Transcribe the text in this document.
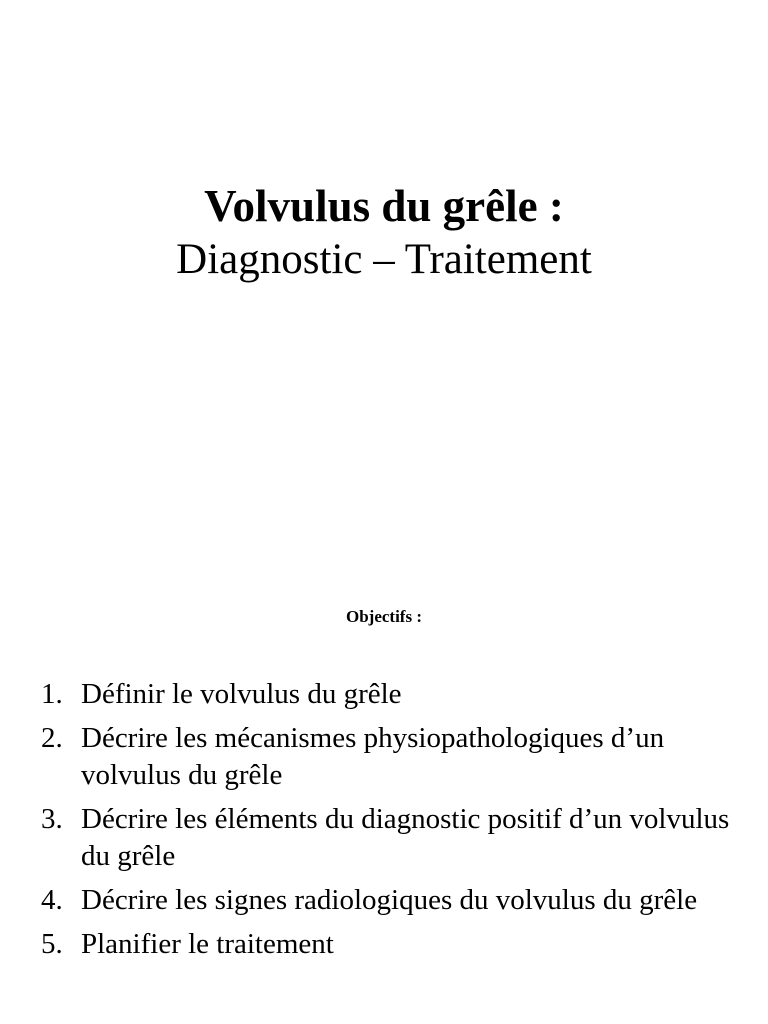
Volvulus du grêle :
Diagnostic – Traitement
Objectifs :
1. Définir le volvulus du grêle
2. Décrire les mécanismes physiopathologiques d’un volvulus du grêle
3. Décrire les éléments du diagnostic positif d’un volvulus du grêle
4. Décrire les signes radiologiques du volvulus du grêle
5. Planifier le traitement
